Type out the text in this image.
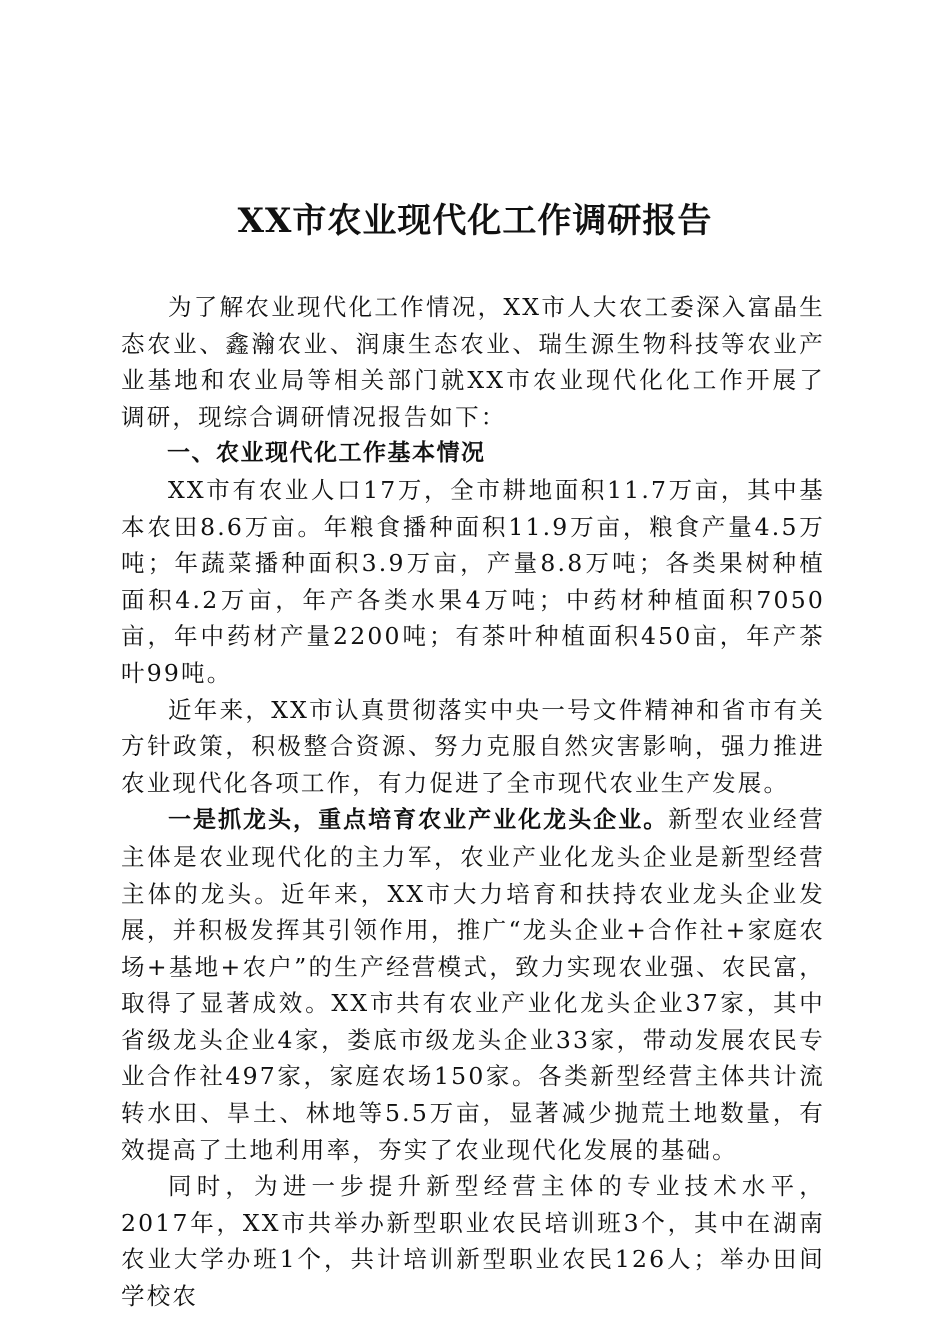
XX市农业现代化工作调研报告

为了解农业现代化工作情况，XX市人大农工委深入富晶生态农业、鑫瀚农业、润康生态农业、瑞生源生物科技等农业产业基地和农业局等相关部门就XX市农业现代化化工作开展了调研，现综合调研情况报告如下：

一、农业现代化工作基本情况

XX市有农业人口17万，全市耕地面积11.7万亩，其中基本农田8.6万亩。年粮食播种面积11.9万亩，粮食产量4.5万吨；年蔬菜播种面积3.9万亩，产量8.8万吨；各类果树种植面积4.2万亩，年产各类水果4万吨；中药材种植面积7050亩，年中药材产量2200吨；有茶叶种植面积450亩，年产茶叶99吨。

近年来，XX市认真贯彻落实中央一号文件精神和省市有关方针政策，积极整合资源、努力克服自然灾害影响，强力推进农业现代化各项工作，有力促进了全市现代农业生产发展。

一是抓龙头，重点培育农业产业化龙头企业。新型农业经营主体是农业现代化的主力军，农业产业化龙头企业是新型经营主体的龙头。近年来，XX市大力培育和扶持农业龙头企业发展，并积极发挥其引领作用，推广“龙头企业+合作社+家庭农场+基地+农户”的生产经营模式，致力实现农业强、农民富，取得了显著成效。XX市共有农业产业化龙头企业37家，其中省级龙头企业4家，娄底市级龙头企业33家，带动发展农民专业合作社497家，家庭农场150家。各类新型经营主体共计流转水田、旱土、林地等5.5万亩，显著减少抛荒土地数量，有效提高了土地利用率，夯实了农业现代化发展的基础。

同时，为进一步提升新型经营主体的专业技术水平，2017年，XX市共举办新型职业农民培训班3个，其中在湖南农业大学办班1个，共计培训新型职业农民126人；举办田间学校农
